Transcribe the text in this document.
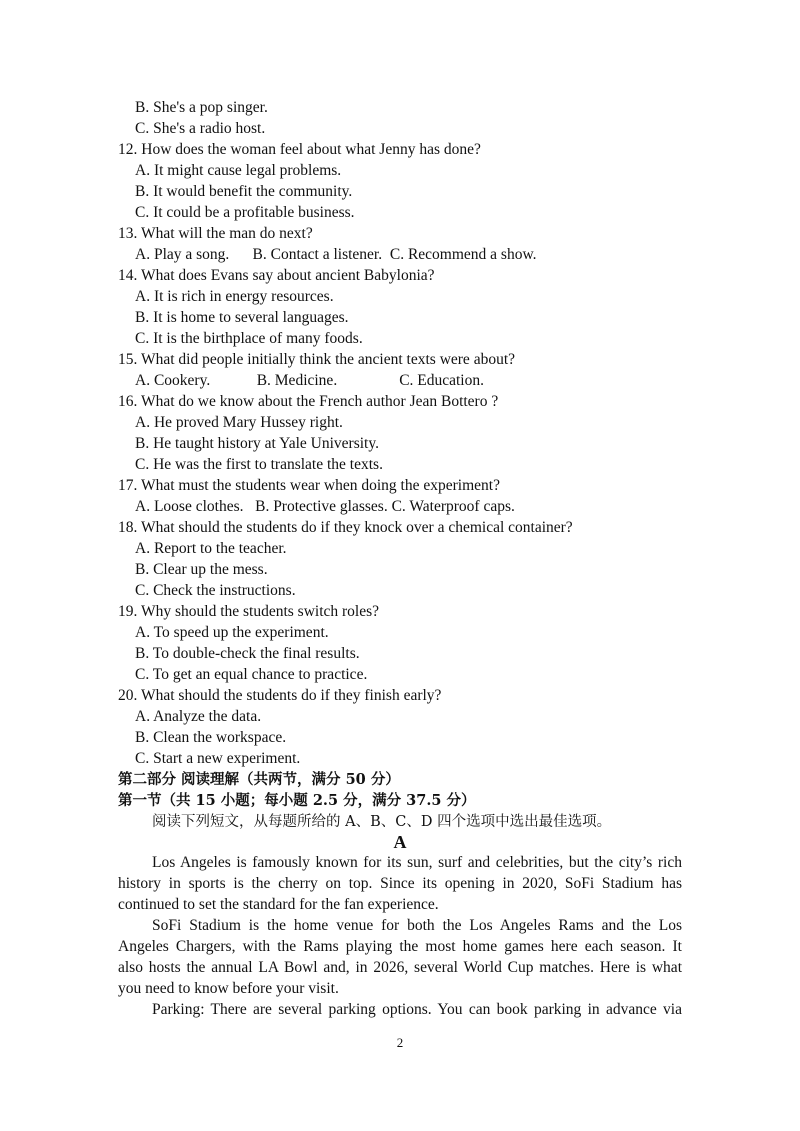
B. She's a pop singer.
C. She's a radio host.
12. How does the woman feel about what Jenny has done?
A. It might cause legal problems.
B. It would benefit the community.
C. It could be a profitable business.
13. What will the man do next?
A. Play a song.      B. Contact a listener.  C. Recommend a show.
14. What does Evans say about ancient Babylonia?
A. It is rich in energy resources.
B. It is home to several languages.
C. It is the birthplace of many foods.
15. What did people initially think the ancient texts were about?
A. Cookery.            B. Medicine.                C. Education.
16. What do we know about the French author Jean Bottero ?
A. He proved Mary Hussey right.
B. He taught history at Yale University.
C. He was the first to translate the texts.
17. What must the students wear when doing the experiment?
A. Loose clothes.   B. Protective glasses. C. Waterproof caps.
18. What should the students do if they knock over a chemical container?
A. Report to the teacher.
B. Clear up the mess.
C. Check the instructions.
19. Why should the students switch roles?
A. To speed up the experiment.
B. To double-check the final results.
C. To get an equal chance to practice.
20. What should the students do if they finish early?
A. Analyze the data.
B. Clean the workspace.
C. Start a new experiment.
第二部分 阅读理解（共两节，满分 50 分）
第一节（共 15 小题；每小题 2.5 分，满分 37.5 分）
阅读下列短文，从每题所给的 A、B、C、D 四个选项中选出最佳选项。
A
Los Angeles is famously known for its sun, surf and celebrities, but the city’s rich
history in sports is the cherry on top. Since its opening in 2020, SoFi Stadium has
continued to set the standard for the fan experience.
SoFi Stadium is the home venue for both the Los Angeles Rams and the Los
Angeles Chargers, with the Rams playing the most home games here each season. It
also hosts the annual LA Bowl and, in 2026, several World Cup matches. Here is what
you need to know before your visit.
Parking: There are several parking options. You can book parking in advance via
2
